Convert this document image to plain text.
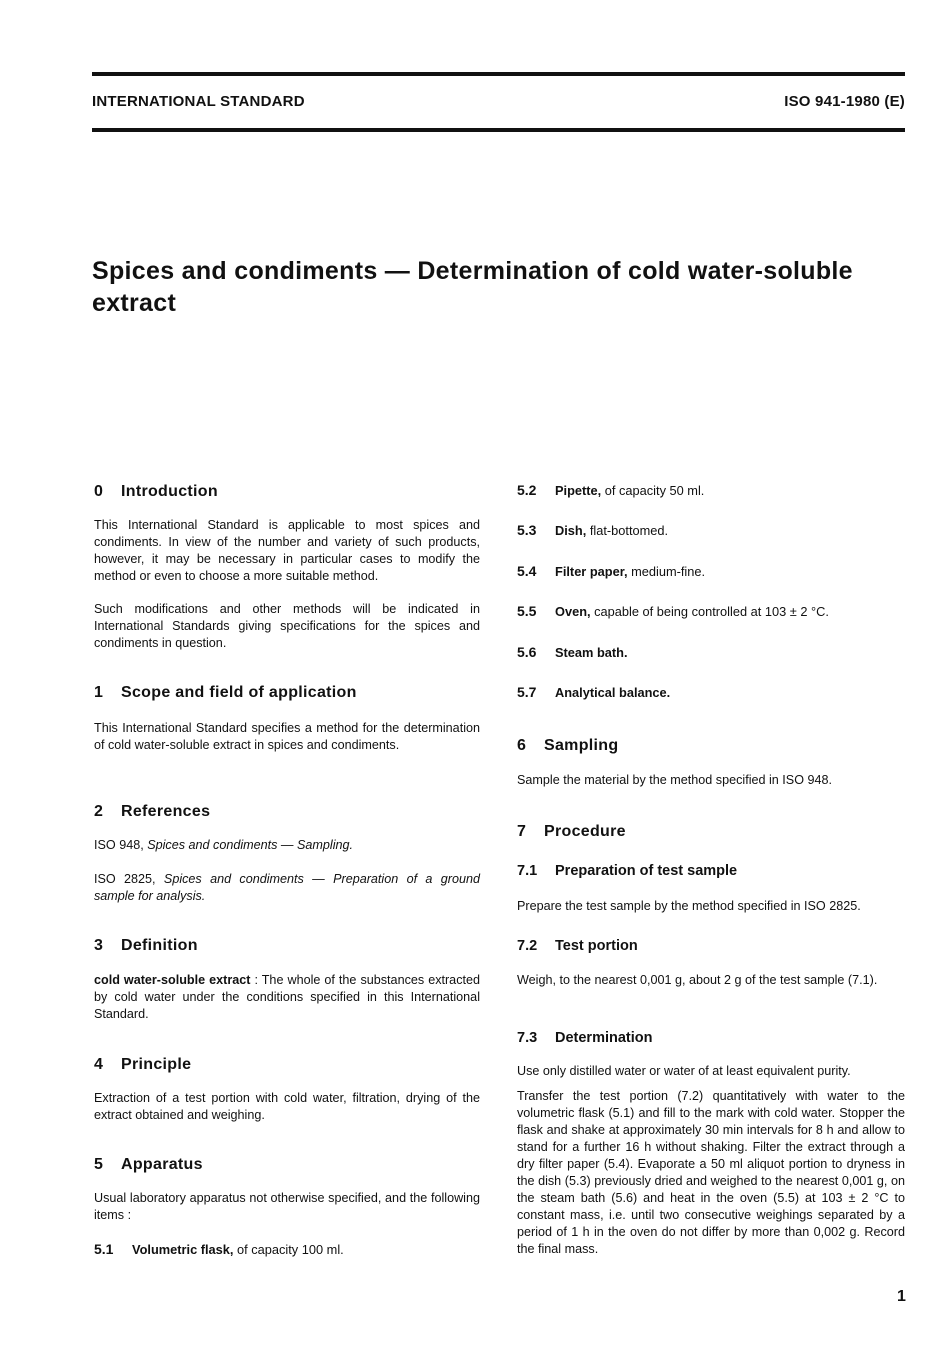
INTERNATIONAL STANDARD	ISO 941-1980 (E)
Spices and condiments — Determination of cold water-soluble extract
0 Introduction
This International Standard is applicable to most spices and condiments. In view of the number and variety of such products, however, it may be necessary in particular cases to modify the method or even to choose a more suitable method.
Such modifications and other methods will be indicated in International Standards giving specifications for the spices and condiments in question.
1 Scope and field of application
This International Standard specifies a method for the determination of cold water-soluble extract in spices and condiments.
2 References
ISO 948, Spices and condiments — Sampling.
ISO 2825, Spices and condiments — Preparation of a ground sample for analysis.
3 Definition
cold water-soluble extract : The whole of the substances extracted by cold water under the conditions specified in this International Standard.
4 Principle
Extraction of a test portion with cold water, filtration, drying of the extract obtained and weighing.
5 Apparatus
Usual laboratory apparatus not otherwise specified, and the following items :
5.1 Volumetric flask, of capacity 100 ml.
5.2 Pipette, of capacity 50 ml.
5.3 Dish, flat-bottomed.
5.4 Filter paper, medium-fine.
5.5 Oven, capable of being controlled at 103 ± 2 °C.
5.6 Steam bath.
5.7 Analytical balance.
6 Sampling
Sample the material by the method specified in ISO 948.
7 Procedure
7.1 Preparation of test sample
Prepare the test sample by the method specified in ISO 2825.
7.2 Test portion
Weigh, to the nearest 0,001 g, about 2 g of the test sample (7.1).
7.3 Determination
Use only distilled water or water of at least equivalent purity.
Transfer the test portion (7.2) quantitatively with water to the volumetric flask (5.1) and fill to the mark with cold water. Stopper the flask and shake at approximately 30 min intervals for 8 h and allow to stand for a further 16 h without shaking. Filter the extract through a dry filter paper (5.4). Evaporate a 50 ml aliquot portion to dryness in the dish (5.3) previously dried and weighed to the nearest 0,001 g, on the steam bath (5.6) and heat in the oven (5.5) at 103 ± 2 °C to constant mass, i.e. until two consecutive weighings separated by a period of 1 h in the oven do not differ by more than 0,002 g. Record the final mass.
1
